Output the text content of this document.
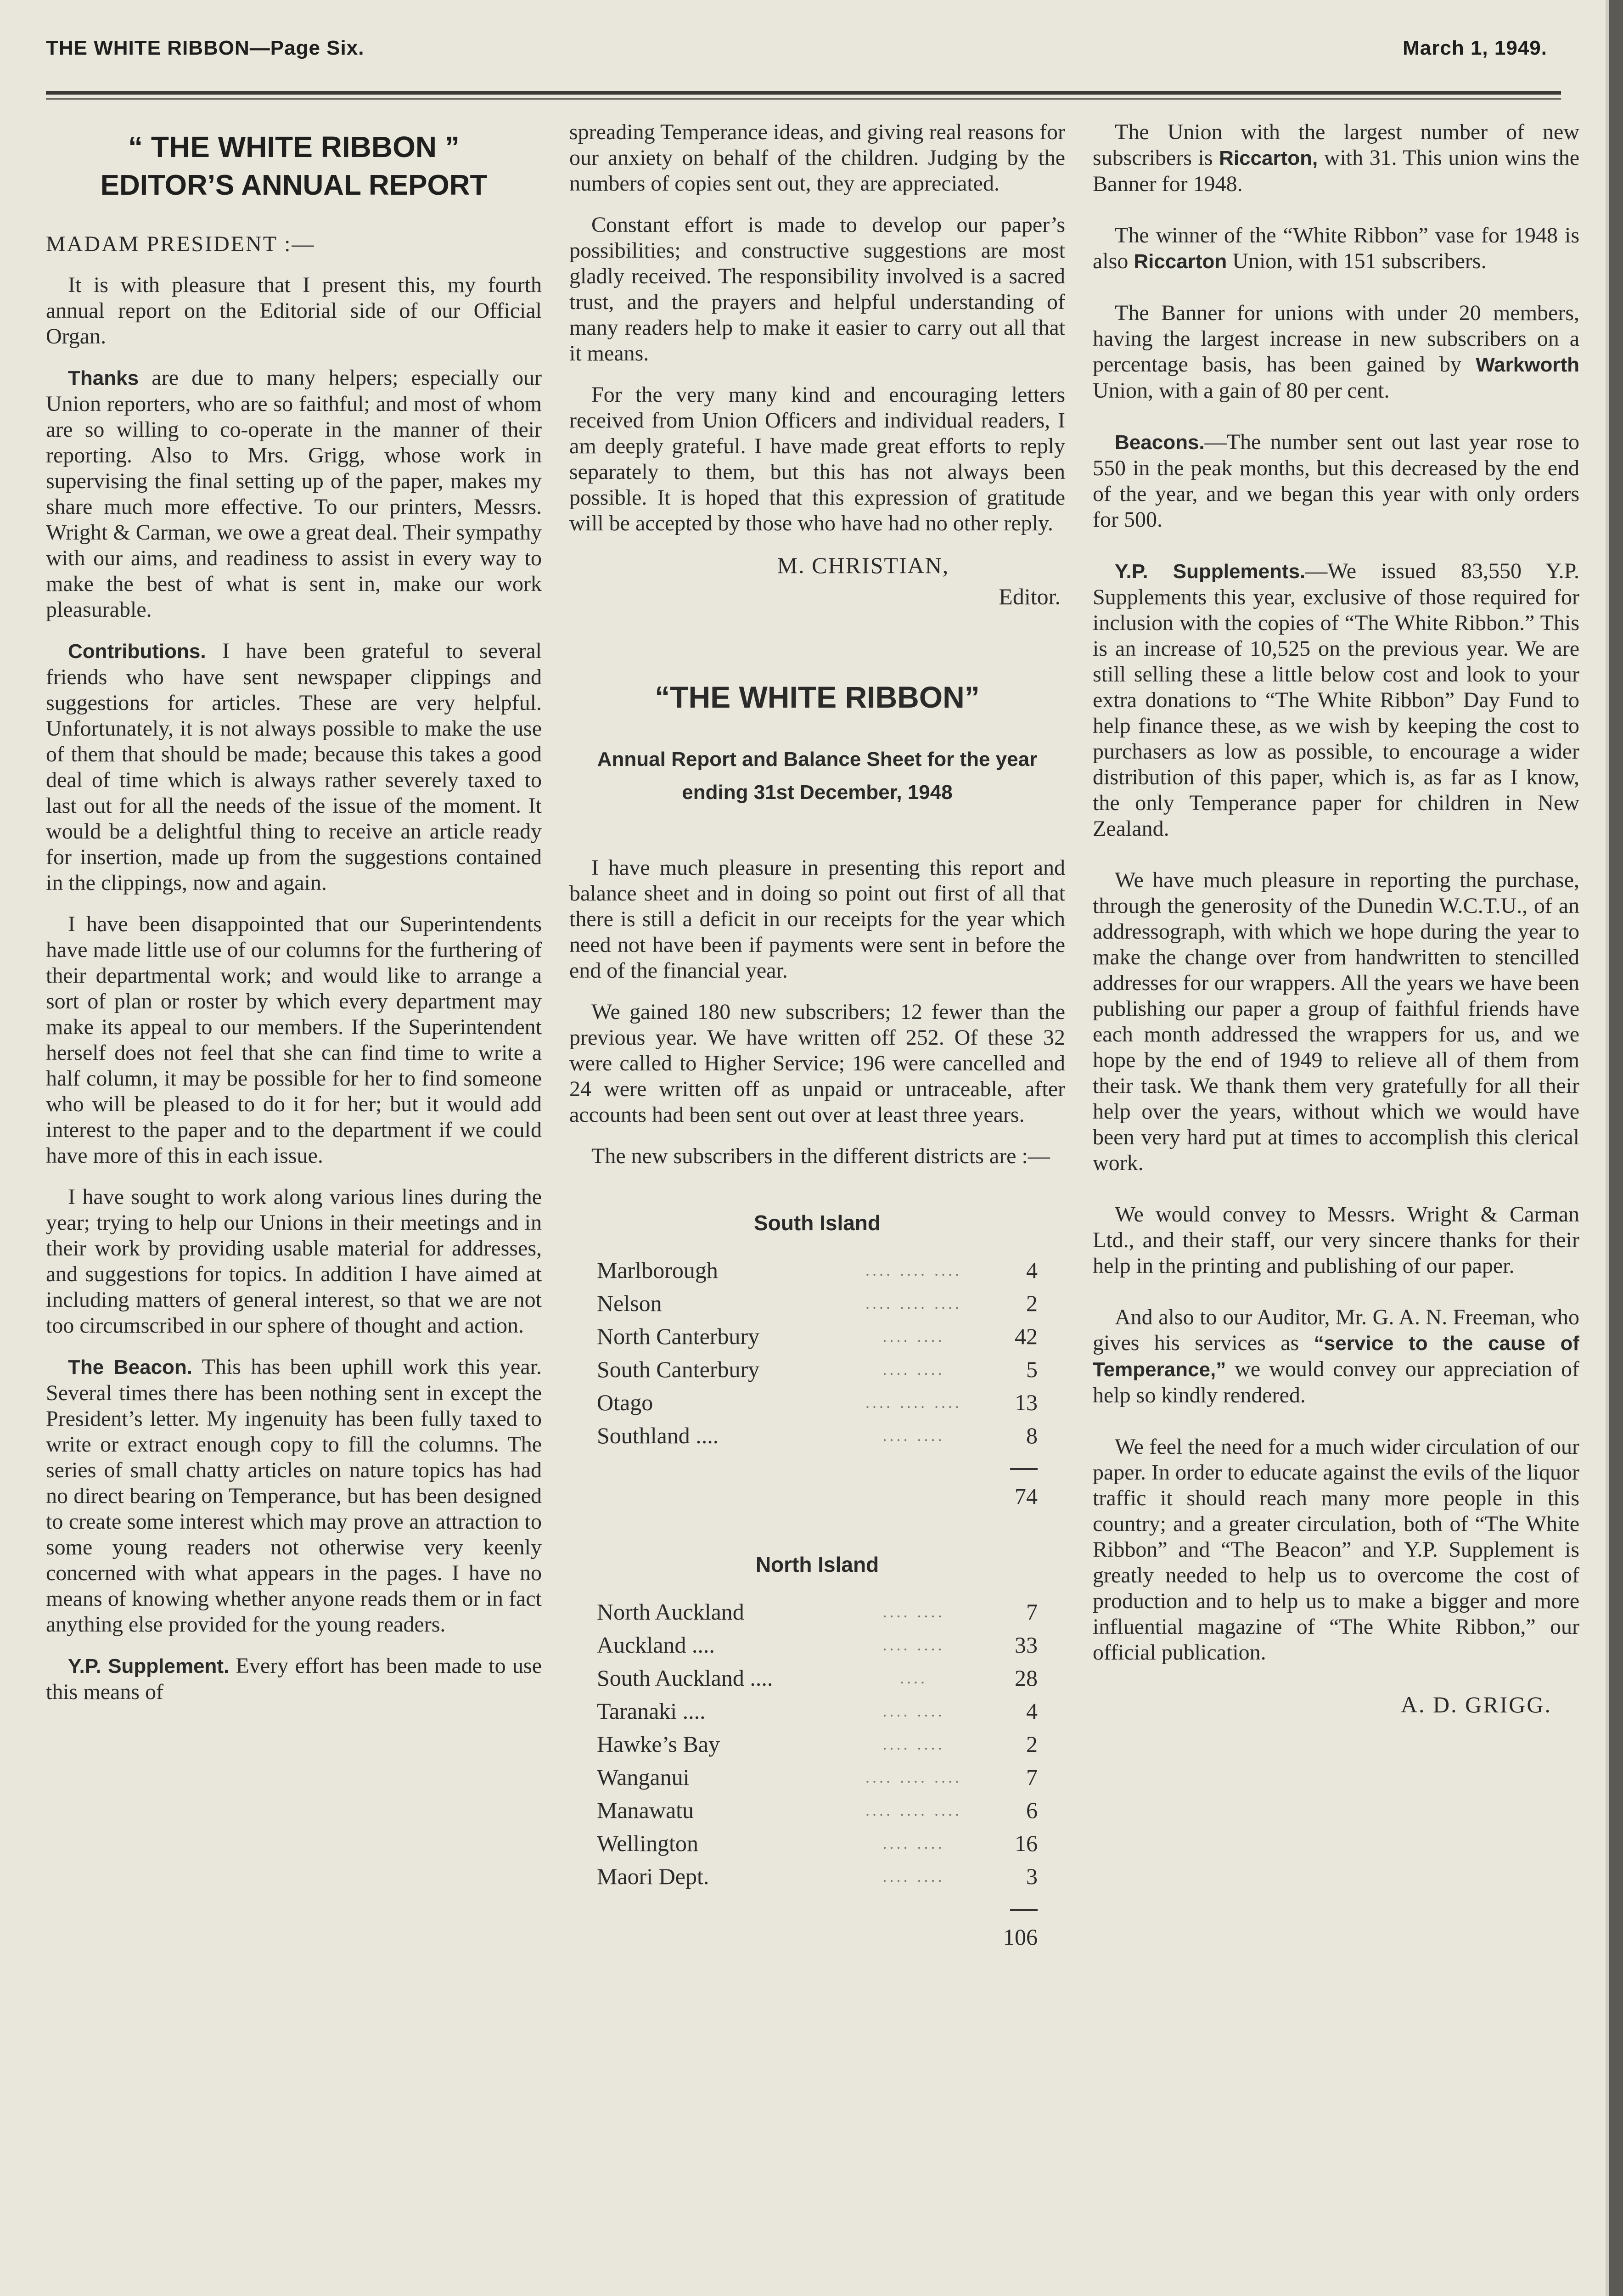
THE WHITE RIBBON—Page Six.	March 1, 1949.
“ THE WHITE RIBBON ”
EDITOR’S ANNUAL REPORT
MADAM PRESIDENT :—

It is with pleasure that I present this, my fourth annual report on the Editorial side of our Official Organ.

Thanks are due to many helpers; especially our Union reporters, who are so faithful; and most of whom are so willing to co-operate in the manner of their reporting. Also to Mrs. Grigg, whose work in supervising the final setting up of the paper, makes my share much more effective. To our printers, Messrs. Wright & Carman, we owe a great deal. Their sympathy with our aims, and readiness to assist in every way to make the best of what is sent in, make our work pleasurable.

Contributions. I have been grateful to several friends who have sent newspaper clippings and suggestions for articles. These are very helpful. Unfortunately, it is not always possible to make the use of them that should be made; because this takes a good deal of time which is always rather severely taxed to last out for all the needs of the issue of the moment. It would be a delightful thing to receive an article ready for insertion, made up from the suggestions contained in the clippings, now and again.

I have been disappointed that our Superintendents have made little use of our columns for the furthering of their departmental work; and would like to arrange a sort of plan or roster by which every department may make its appeal to our members. If the Superintendent herself does not feel that she can find time to write a half column, it may be possible for her to find someone who will be pleased to do it for her; but it would add interest to the paper and to the department if we could have more of this in each issue.

I have sought to work along various lines during the year; trying to help our Unions in their meetings and in their work by providing usable material for addresses, and suggestions for topics. In addition I have aimed at including matters of general interest, so that we are not too circumscribed in our sphere of thought and action.

The Beacon. This has been uphill work this year. Several times there has been nothing sent in except the President’s letter. My ingenuity has been fully taxed to write or extract enough copy to fill the columns. The series of small chatty articles on nature topics has had no direct bearing on Temperance, but has been designed to create some interest which may prove an attraction to some young readers not otherwise very keenly concerned with what appears in the pages. I have no means of knowing whether anyone reads them or in fact anything else provided for the young readers.

Y.P. Supplement. Every effort has been made to use this means of

spreading Temperance ideas, and giving real reasons for our anxiety on behalf of the children. Judging by the numbers of copies sent out, they are appreciated.

Constant effort is made to develop our paper’s possibilities; and constructive suggestions are most gladly received. The responsibility involved is a sacred trust, and the prayers and helpful understanding of many readers help to make it easier to carry out all that it means.

For the very many kind and encouraging letters received from Union Officers and individual readers, I am deeply grateful. I have made great efforts to reply separately to them, but this has not always been possible. It is hoped that this expression of gratitude will be accepted by those who have had no other reply.

M. CHRISTIAN,
Editor.
“THE WHITE RIBBON”
Annual Report and Balance Sheet for the year ending 31st December, 1948

I have much pleasure in presenting this report and balance sheet and in doing so point out first of all that there is still a deficit in our receipts for the year which need not have been if payments were sent in before the end of the financial year.

We gained 180 new subscribers; 12 fewer than the previous year. We have written off 252. Of these 32 were called to Higher Service; 196 were cancelled and 24 were written off as unpaid or untraceable, after accounts had been sent out over at least three years.

The new subscribers in the different districts are :—

South Island
Marlborough	.... .... ....	4
Nelson	.... .... ....	2
North Canterbury	.... ....	42
South Canterbury	.... ....	5
Otago	.... .... ....	13
Southland ....	.... ....	8
74
North Island
North Auckland	.... ....	7
Auckland ....	.... ....	33
South Auckland ....	....	28
Taranaki ....	.... ....	4
Hawke’s Bay	.... ....	2
Wanganui	.... .... ....	7
Manawatu	.... .... ....	6
Wellington	.... ....	16
Maori Dept.	.... ....	3
106

The Union with the largest number of new subscribers is Riccarton, with 31. This union wins the Banner for 1948.

The winner of the “White Ribbon” vase for 1948 is also Riccarton Union, with 151 subscribers.

The Banner for unions with under 20 members, having the largest increase in new subscribers on a percentage basis, has been gained by Warkworth Union, with a gain of 80 per cent.

Beacons.—The number sent out last year rose to 550 in the peak months, but this decreased by the end of the year, and we began this year with only orders for 500.

Y.P. Supplements.—We issued 83,550 Y.P. Supplements this year, exclusive of those required for inclusion with the copies of “The White Ribbon.” This is an increase of 10,525 on the previous year. We are still selling these a little below cost and look to your extra donations to “The White Ribbon” Day Fund to help finance these, as we wish by keeping the cost to purchasers as low as possible, to encourage a wider distribution of this paper, which is, as far as I know, the only Temperance paper for children in New Zealand.

We have much pleasure in reporting the purchase, through the generosity of the Dunedin W.C.T.U., of an addressograph, with which we hope during the year to make the change over from handwritten to stencilled addresses for our wrappers. All the years we have been publishing our paper a group of faithful friends have each month addressed the wrappers for us, and we hope by the end of 1949 to relieve all of them from their task. We thank them very gratefully for all their help over the years, without which we would have been very hard put at times to accomplish this clerical work.

We would convey to Messrs. Wright & Carman Ltd., and their staff, our very sincere thanks for their help in the printing and publishing of our paper.

And also to our Auditor, Mr. G. A. N. Freeman, who gives his services as “service to the cause of Temperance,” we would convey our appreciation of help so kindly rendered.

We feel the need for a much wider circulation of our paper. In order to educate against the evils of the liquor traffic it should reach many more people in this country; and a greater circulation, both of “The White Ribbon” and “The Beacon” and Y.P. Supplement is greatly needed to help us to overcome the cost of production and to help us to make a bigger and more influential magazine of “The White Ribbon,” our official publication.

A. D. GRIGG.
